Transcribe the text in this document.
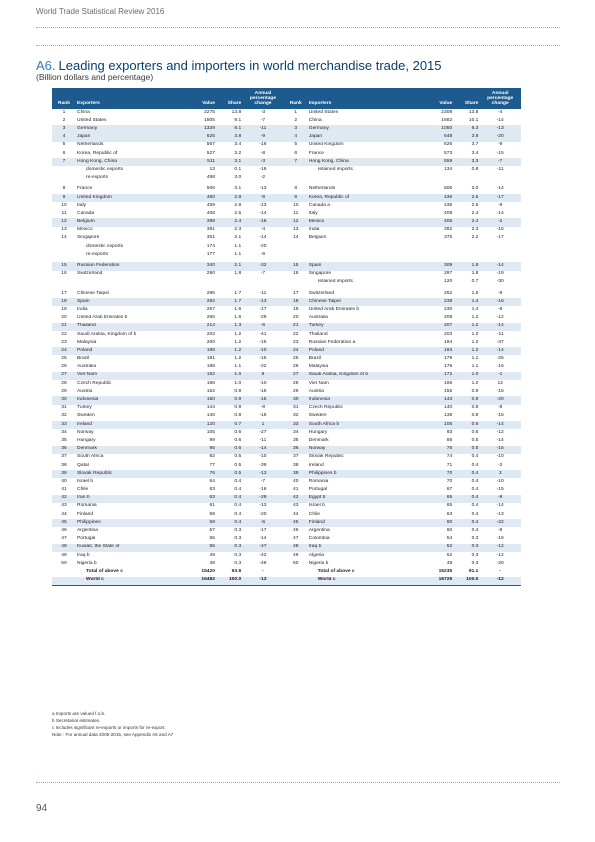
World Trade Statistical Review 2016
A6. Leading exporters and importers in world merchandise trade, 2015
(Billion dollars and percentage)
Rank	Exporters	Value	Share	Annual percentage change	Rank	Importers	Value	Share	Annual percentage change
1	China	2275	13.8	-3	1	United States	2308	13.8	-4
2	United States	1505	9.1	-7	2	China	1682	10.1	-14
3	Germany	1329	8.1	-11	3	Germany	1050	6.3	-13
4	Japan	625	3.8	-9	4	Japan	648	3.9	-20
5	Netherlands	567	3.4	-16	5	United Kingdom	626	3.7	-9
6	Korea, Republic of	527	3.2	-8	6	France	573	3.4	-15
7	Hong Kong, China	511	3.1	-3	7	Hong Kong, China	559	3.3	-7
	domestic exports	13	0.1	-16		retained imports	134	0.8	-11
	re-exports	498	3.0	-2					
8	France	506	3.1	-13	8	Netherlands	506	3.0	-14
9	United Kingdom	460	2.8	-9	9	Korea, Republic of	436	2.6	-17
10	Italy	459	2.8	-13	10	Canada a	436	2.6	-9
11	Canada	408	2.5	-14	11	Italy	409	2.4	-14
12	Belgium	398	2.4	-16	12	Mexico	405	2.4	-2
13	Mexico	381	2.3	-4	13	India	392	2.3	-15
14	Singapore	351	2.1	-14	14	Belgium	375	2.2	-17
	domestic exports	174	1.1	-20					
	re-exports	177	1.1	-9					
15	Russian Federation	340	2.1	-32	15	Spain	309	1.8	-14
16	Switzerland	290	1.8	-7	16	Singapore	297	1.8	-19
						retained imports	120	0.7	-30
17	Chinese Taipei	285	1.7	-11	17	Switzerland	252	1.5	-9
18	Spain	282	1.7	-13	18	Chinese Taipei	238	1.4	-16
19	India	267	1.6	-17	19	United Arab Emirates b	230	1.4	-8
20	United Arab Emirates b	265	1.6	-29	20	Australia	208	1.2	-12
21	Thailand	214	1.3	-6	21	Turkey	207	1.2	-14
22	Saudi Arabia, Kingdom of b	202	1.2	-41	22	Thailand	203	1.2	-11
23	Malaysia	200	1.2	-15	23	Russian Federation a	194	1.2	-37
24	Poland	198	1.2	-10	24	Poland	193	1.2	-14
25	Brazil	191	1.2	-15	25	Brazil	179	1.1	-25
26	Australia	188	1.1	-22	26	Malaysia	176	1.1	-16
27	Viet Nam	162	1.0	8	27	Saudi Arabia, Kingdom of b	172	1.0	-1
28	Czech Republic	158	1.0	-10	28	Viet Nam	166	1.0	12
29	Austria	152	0.9	-15	29	Austria	155	0.9	-15
30	Indonesia	150	0.9	-15	30	Indonesia	143	0.9	-20
31	Turkey	144	0.9	-9	31	Czech Republic	140	0.8	-8
32	Sweden	140	0.8	-15	32	Sweden	138	0.8	-15
33	Ireland	120	0.7	1	33	South Africa b	105	0.6	-14
34	Norway	105	0.6	-27	34	Hungary	93	0.6	-12
35	Hungary	99	0.6	-11	35	Denmark	86	0.5	-14
36	Denmark	95	0.6	-14	36	Norway	76	0.5	-15
37	South Africa	82	0.5	-10	37	Slovak Republic	74	0.4	-10
38	Qatar	77	0.5	-39	38	Ireland	71	0.4	-2
39	Slovak Republic	76	0.5	-13	39	Philippines b	70	0.4	3
40	Israel b	64	0.4	-7	40	Romania	70	0.4	-10
41	Chile	63	0.4	-16	41	Portugal	67	0.4	-15
42	Iran b	63	0.4	-29	42	Egypt b	65	0.4	-9
43	Romania	61	0.4	-13	43	Israel b	65	0.4	-14
44	Finland	59	0.4	-20	44	Chile	63	0.4	-13
45	Philippines	59	0.4	-6	45	Finland	60	0.4	-22
46	Argentina	57	0.3	-17	46	Argentina	60	0.4	-8
47	Portugal	55	0.3	-14	47	Colombia	54	0.3	-16
48	Kuwait, the State of	55	0.3	-47	48	Iraq b	52	0.3	-12
49	Iraq b	49	0.3	-42	49	Algeria	52	0.3	-12
50	Nigeria b	48	0.3	-49	50	Nigeria b	48	0.3	-20
	Total of above c	15420	93.6	-		Total of above c	15235	91.1	-
	World c	16482	100.0	-13		World c	16725	100.0	-12
a Imports are valued f.o.b.
b Secretariat estimates.
c Includes significant re-exports or imports for re-export.
Note : For annual data 2005-2015, see Appendix A6 and A7
94
